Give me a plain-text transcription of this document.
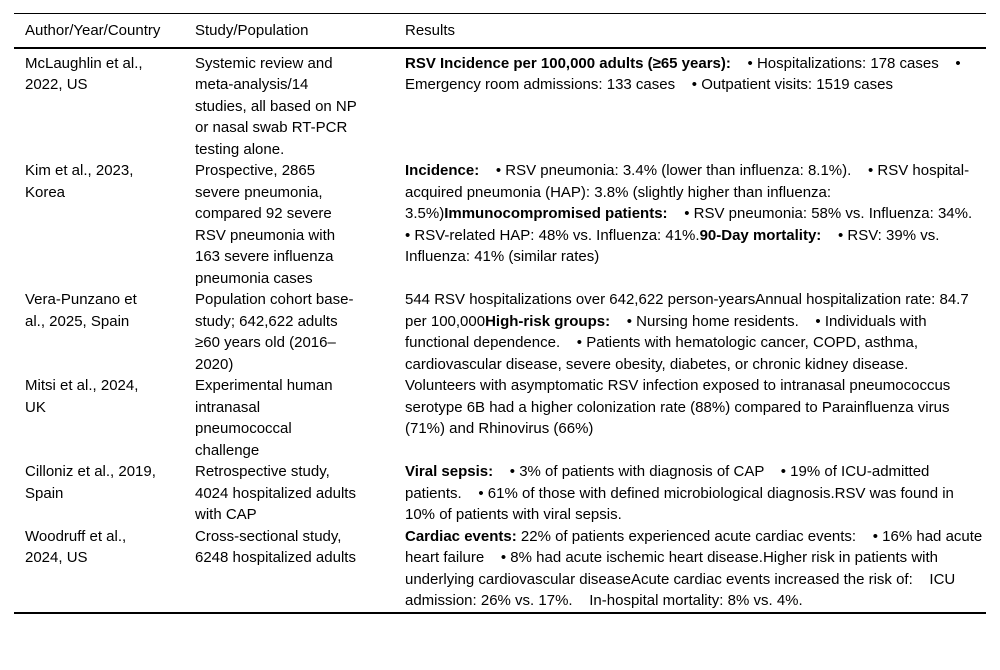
Author/Year/Country	Study/Population	Results
McLaughlin et al., 2022, US	Systemic review and meta-analysis/14 studies, all based on NP or nasal swab RT-PCR testing alone.	RSV Incidence per 100,000 adults (≥65 years):    • Hospitalizations: 178 cases    • Emergency room admissions: 133 cases    • Outpatient visits: 1519 cases
Kim et al., 2023, Korea	Prospective, 2865 severe pneumonia, compared 92 severe RSV pneumonia with 163 severe influenza pneumonia cases	Incidence:    • RSV pneumonia: 3.4% (lower than influenza: 8.1%).    • RSV hospital-acquired pneumonia (HAP): 3.8% (slightly higher than influenza: 3.5%)Immunocompromised patients:    • RSV pneumonia: 58% vs. Influenza: 34%.    • RSV-related HAP: 48% vs. Influenza: 41%.90-Day mortality:    • RSV: 39% vs. Influenza: 41% (similar rates)
Vera-Punzano et al., 2025, Spain	Population cohort base-study; 642,622 adults ≥60 years old (2016–2020)	544 RSV hospitalizations over 642,622 person-yearsAnnual hospitalization rate: 84.7 per 100,000High-risk groups:    • Nursing home residents.    • Individuals with functional dependence.    • Patients with hematologic cancer, COPD, asthma, cardiovascular disease, severe obesity, diabetes, or chronic kidney disease.
Mitsi et al., 2024, UK	Experimental human intranasal pneumococcal challenge	Volunteers with asymptomatic RSV infection exposed to intranasal pneumococcus serotype 6B had a higher colonization rate (88%) compared to Parainfluenza virus (71%) and Rhinovirus (66%)
Cilloniz et al., 2019, Spain	Retrospective study, 4024 hospitalized adults with CAP	Viral sepsis:    • 3% of patients with diagnosis of CAP    • 19% of ICU-admitted patients.    • 61% of those with defined microbiological diagnosis.RSV was found in 10% of patients with viral sepsis.
Woodruff et al., 2024, US	Cross-sectional study, 6248 hospitalized adults	Cardiac events: 22% of patients experienced acute cardiac events:    • 16% had acute heart failure    • 8% had acute ischemic heart disease.Higher risk in patients with underlying cardiovascular diseaseAcute cardiac events increased the risk of:    ICU admission: 26% vs. 17%.    In-hospital mortality: 8% vs. 4%.
